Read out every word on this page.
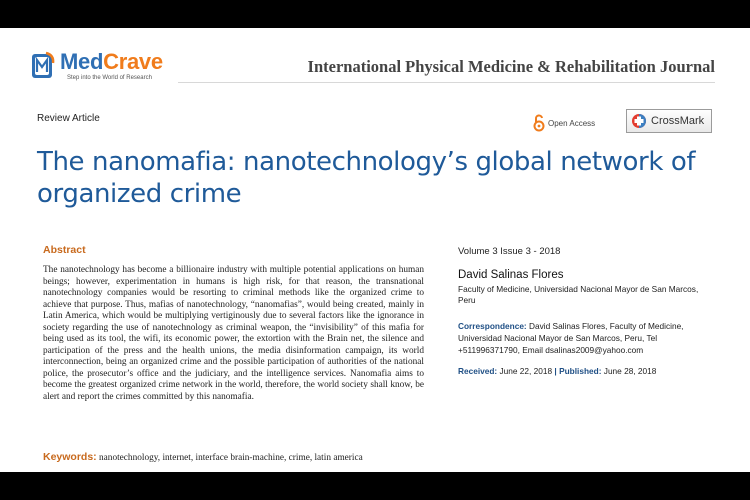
MedCrave
Step into the World of Research
International Physical Medicine & Rehabilitation Journal
Review Article	Open Access	CrossMark
The nanomafia: nanotechnology’s global network of organized crime
Abstract
The nanotechnology has become a billionaire industry with multiple potential applications on human beings; however, experimentation in humans is high risk, for that reason, the transnational nanotechnology companies would be resorting to criminal methods like the organized crime to achieve that purpose. Thus, mafias of nanotechnology, “nanomafias”, would being created, mainly in Latin America, which would be multiplying vertiginously due to several factors like the ignorance in society regarding the use of nanotechnology as criminal weapon, the “invisibility” of this mafia for being used as its tool, the wifi, its economic power, the extortion with the Brain net, the silence and participation of the press and the health unions, the media disinformation campaign, its world interconnection, being an organized crime and the possible participation of authorities of the national police, the prosecutor’s office and the judiciary, and the intelligence services. Nanomafia aims to become the greatest organized crime network in the world, therefore, the world society shall know, be alert and report the crimes committed by this nanomafia.
Keywords: nanotechnology, internet, interface brain-machine, crime, latin america
Volume 3 Issue 3 - 2018
David Salinas Flores
Faculty of Medicine, Universidad Nacional Mayor de San Marcos, Peru
Correspondence: David Salinas Flores, Faculty of Medicine, Universidad Nacional Mayor de San Marcos, Peru, Tel +511996371790, Email dsalinas2009@yahoo.com
Received: June 22, 2018 | Published: June 28, 2018
